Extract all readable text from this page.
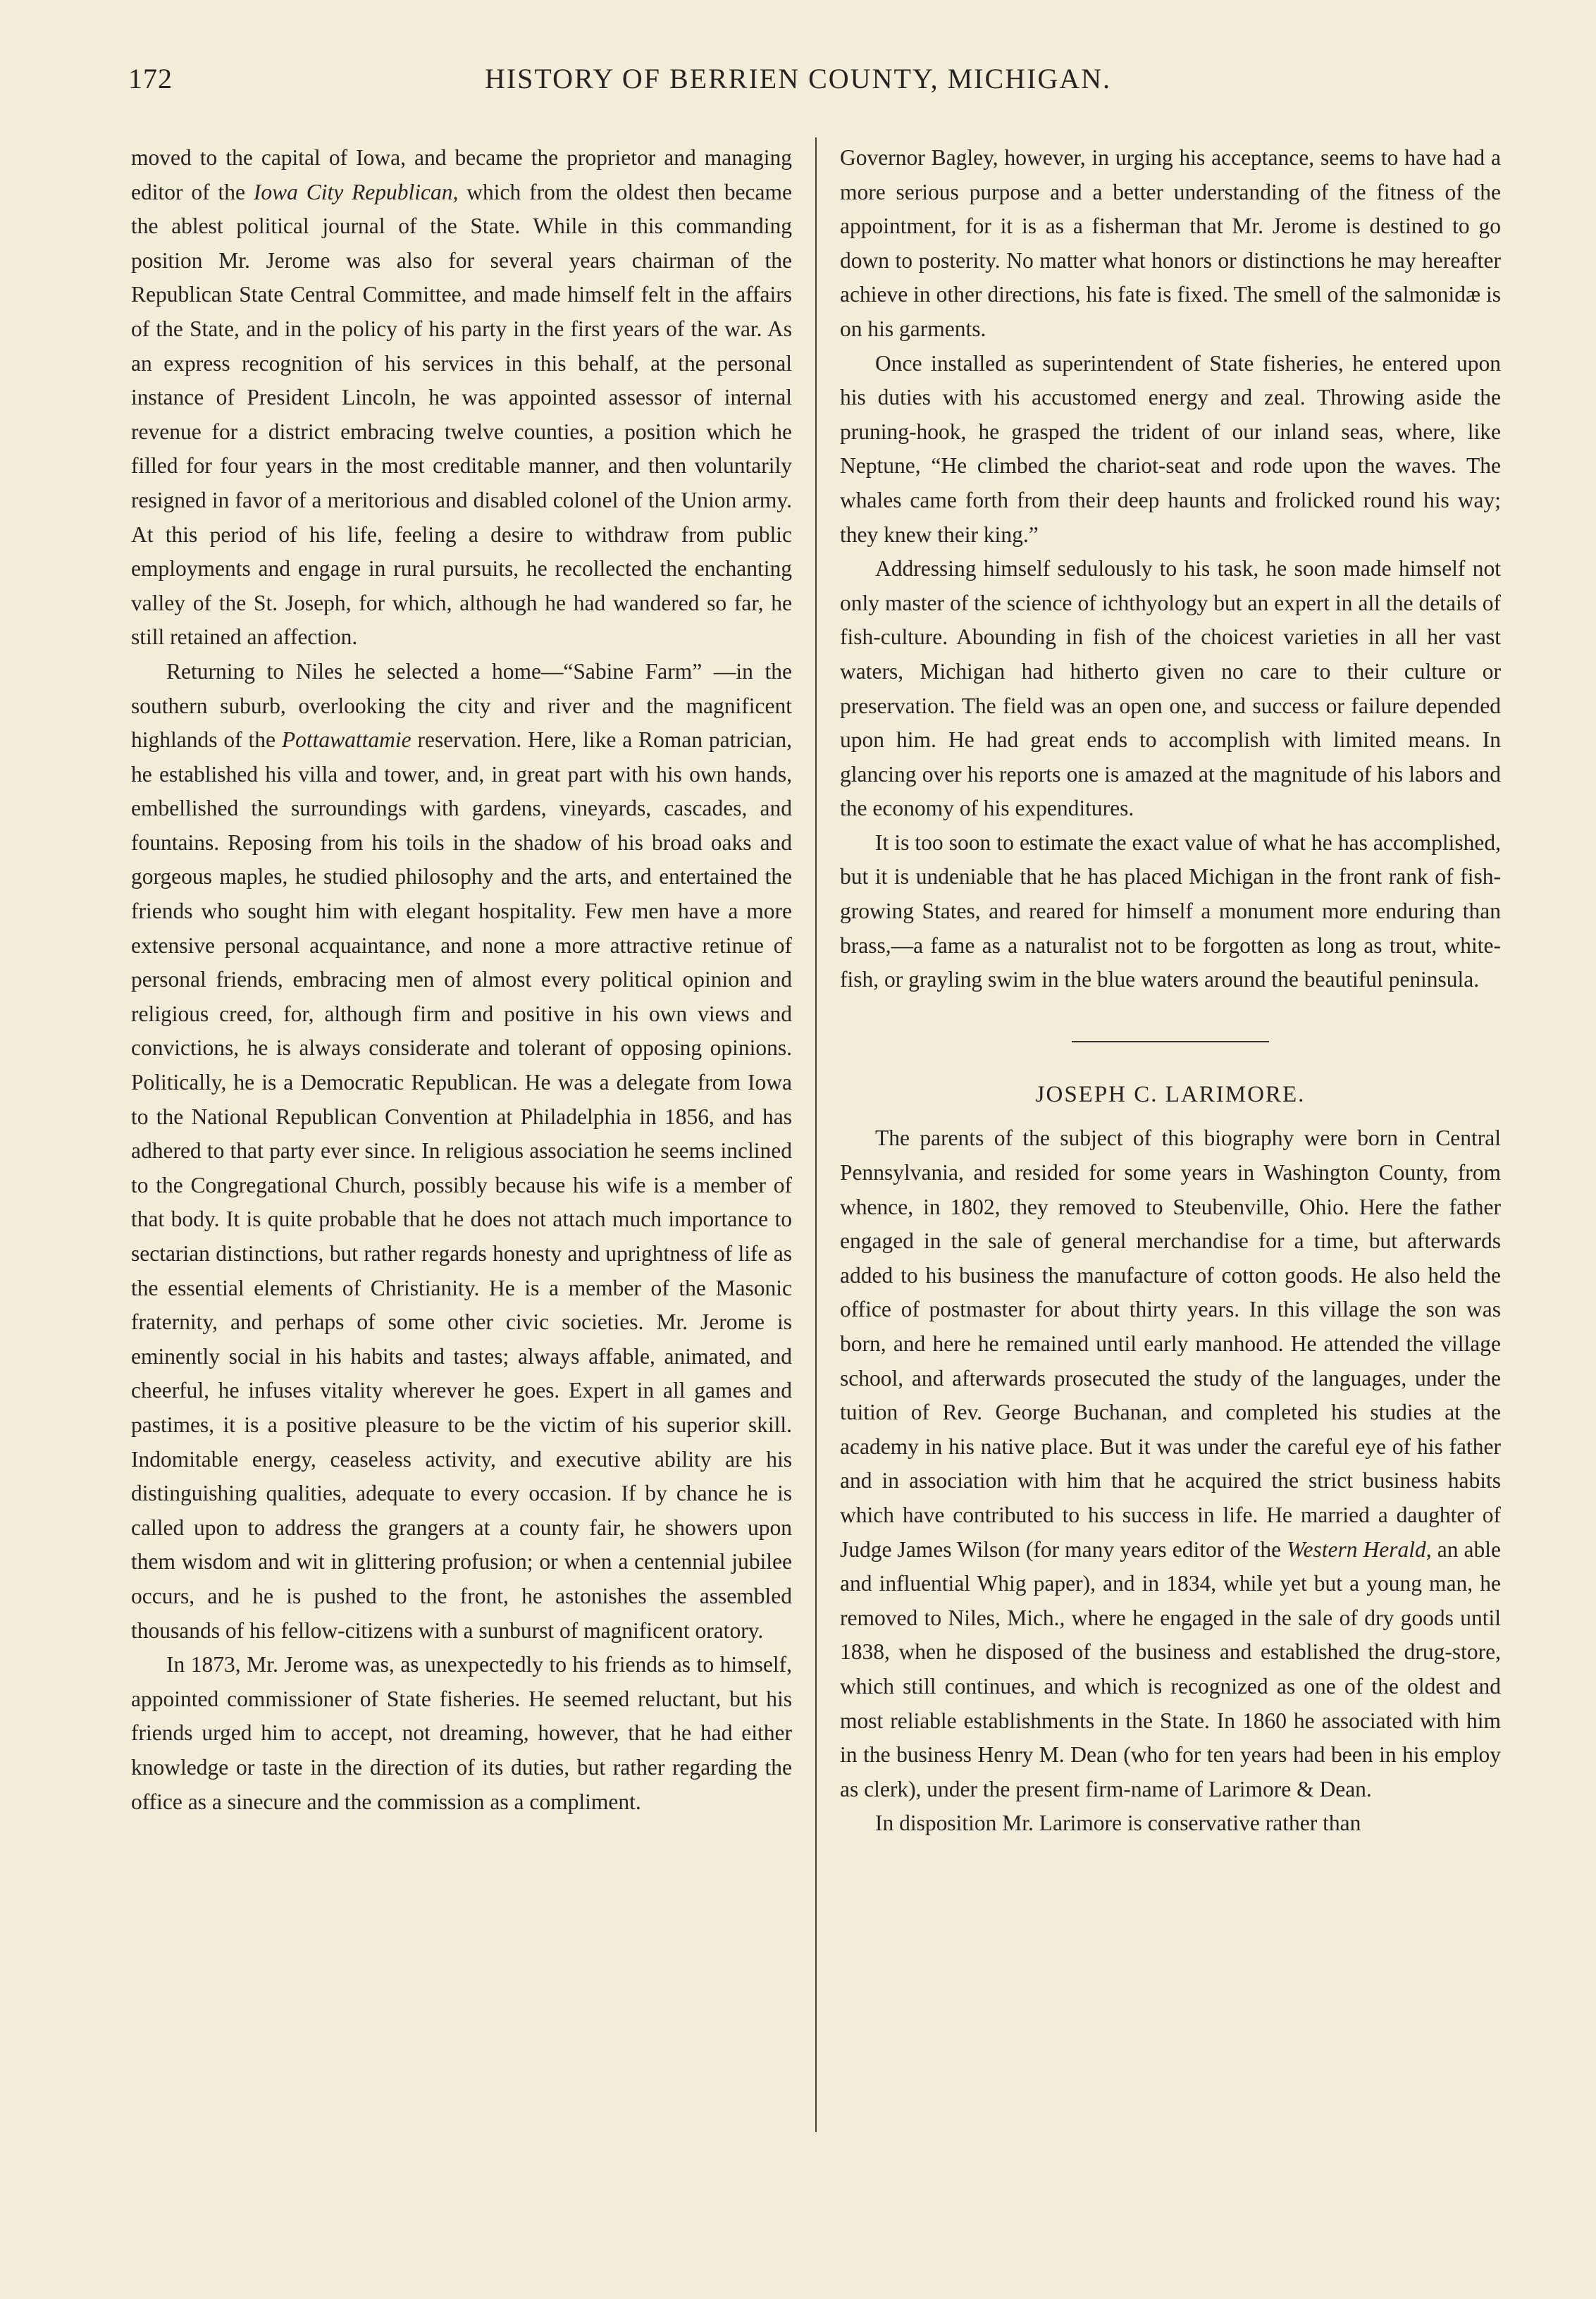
172	HISTORY OF BERRIEN COUNTY, MICHIGAN.

moved to the capital of Iowa, and became the proprietor and managing editor of the Iowa City Republican, which from the oldest then became the ablest political journal of the State. While in this commanding position Mr. Jerome was also for several years chairman of the Republican State Central Committee, and made himself felt in the affairs of the State, and in the policy of his party in the first years of the war. As an express recognition of his services in this behalf, at the personal instance of President Lincoln, he was appointed assessor of internal revenue for a district embracing twelve counties, a position which he filled for four years in the most creditable manner, and then voluntarily resigned in favor of a meritorious and disabled colonel of the Union army. At this period of his life, feeling a desire to withdraw from public employments and engage in rural pursuits, he recollected the enchanting valley of the St. Joseph, for which, although he had wandered so far, he still retained an affection.

Returning to Niles he selected a home—“Sabine Farm” —in the southern suburb, overlooking the city and river and the magnificent highlands of the Pottawattamie reservation. Here, like a Roman patrician, he established his villa and tower, and, in great part with his own hands, embellished the surroundings with gardens, vineyards, cascades, and fountains. Reposing from his toils in the shadow of his broad oaks and gorgeous maples, he studied philosophy and the arts, and entertained the friends who sought him with elegant hospitality. Few men have a more extensive personal acquaintance, and none a more attractive retinue of personal friends, embracing men of almost every political opinion and religious creed, for, although firm and positive in his own views and convictions, he is always considerate and tolerant of opposing opinions. Politically, he is a Democratic Republican. He was a delegate from Iowa to the National Republican Convention at Philadelphia in 1856, and has adhered to that party ever since. In religious association he seems inclined to the Congregational Church, possibly because his wife is a member of that body. It is quite probable that he does not attach much importance to sectarian distinctions, but rather regards honesty and uprightness of life as the essential elements of Christianity. He is a member of the Masonic fraternity, and perhaps of some other civic societies. Mr. Jerome is eminently social in his habits and tastes; always affable, animated, and cheerful, he infuses vitality wherever he goes. Expert in all games and pastimes, it is a positive pleasure to be the victim of his superior skill. Indomitable energy, ceaseless activity, and executive ability are his distinguishing qualities, adequate to every occasion. If by chance he is called upon to address the grangers at a county fair, he showers upon them wisdom and wit in glittering profusion; or when a centennial jubilee occurs, and he is pushed to the front, he astonishes the assembled thousands of his fellow-citizens with a sunburst of magnificent oratory.

In 1873, Mr. Jerome was, as unexpectedly to his friends as to himself, appointed commissioner of State fisheries. He seemed reluctant, but his friends urged him to accept, not dreaming, however, that he had either knowledge or taste in the direction of its duties, but rather regarding the office as a sinecure and the commission as a compliment.

Governor Bagley, however, in urging his acceptance, seems to have had a more serious purpose and a better understanding of the fitness of the appointment, for it is as a fisherman that Mr. Jerome is destined to go down to posterity. No matter what honors or distinctions he may hereafter achieve in other directions, his fate is fixed. The smell of the salmonidæ is on his garments.

Once installed as superintendent of State fisheries, he entered upon his duties with his accustomed energy and zeal. Throwing aside the pruning-hook, he grasped the trident of our inland seas, where, like Neptune, “He climbed the chariot-seat and rode upon the waves. The whales came forth from their deep haunts and frolicked round his way; they knew their king.”

Addressing himself sedulously to his task, he soon made himself not only master of the science of ichthyology but an expert in all the details of fish-culture. Abounding in fish of the choicest varieties in all her vast waters, Michigan had hitherto given no care to their culture or preservation. The field was an open one, and success or failure depended upon him. He had great ends to accomplish with limited means. In glancing over his reports one is amazed at the magnitude of his labors and the economy of his expenditures.

It is too soon to estimate the exact value of what he has accomplished, but it is undeniable that he has placed Michigan in the front rank of fish-growing States, and reared for himself a monument more enduring than brass,—a fame as a naturalist not to be forgotten as long as trout, white-fish, or grayling swim in the blue waters around the beautiful peninsula.

JOSEPH C. LARIMORE.

The parents of the subject of this biography were born in Central Pennsylvania, and resided for some years in Washington County, from whence, in 1802, they removed to Steubenville, Ohio. Here the father engaged in the sale of general merchandise for a time, but afterwards added to his business the manufacture of cotton goods. He also held the office of postmaster for about thirty years. In this village the son was born, and here he remained until early manhood. He attended the village school, and afterwards prosecuted the study of the languages, under the tuition of Rev. George Buchanan, and completed his studies at the academy in his native place. But it was under the careful eye of his father and in association with him that he acquired the strict business habits which have contributed to his success in life. He married a daughter of Judge James Wilson (for many years editor of the Western Herald, an able and influential Whig paper), and in 1834, while yet but a young man, he removed to Niles, Mich., where he engaged in the sale of dry goods until 1838, when he disposed of the business and established the drug-store, which still continues, and which is recognized as one of the oldest and most reliable establishments in the State. In 1860 he associated with him in the business Henry M. Dean (who for ten years had been in his employ as clerk), under the present firm-name of Larimore & Dean.

In disposition Mr. Larimore is conservative rather than
